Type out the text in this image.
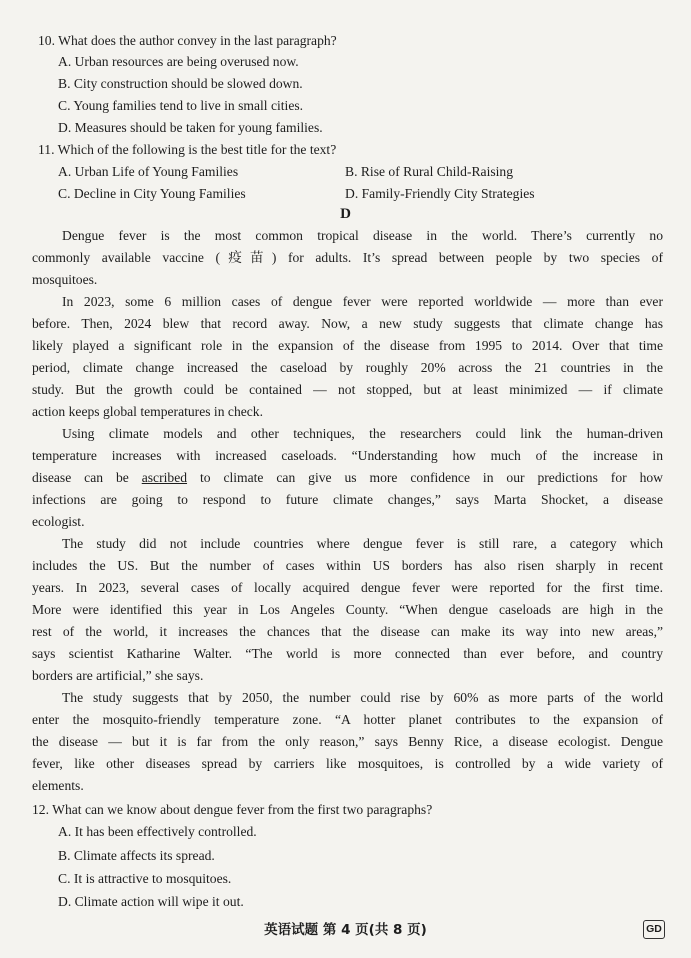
10. What does the author convey in the last paragraph?
A. Urban resources are being overused now.
B. City construction should be slowed down.
C. Young families tend to live in small cities.
D. Measures should be taken for young families.
11. Which of the following is the best title for the text?
A. Urban Life of Young Families	B. Rise of Rural Child-Raising
C. Decline in City Young Families	D. Family-Friendly City Strategies
D
Dengue fever is the most common tropical disease in the world. There’s currently no
commonly available vaccine (疫苗) for adults. It’s spread between people by two species of
mosquitoes.
In 2023, some 6 million cases of dengue fever were reported worldwide — more than ever
before. Then, 2024 blew that record away. Now, a new study suggests that climate change has
likely played a significant role in the expansion of the disease from 1995 to 2014. Over that time
period, climate change increased the caseload by roughly 20% across the 21 countries in the
study. But the growth could be contained — not stopped, but at least minimized — if climate
action keeps global temperatures in check.
Using climate models and other techniques, the researchers could link the human-driven
temperature increases with increased caseloads. “Understanding how much of the increase in
disease can be ascribed to climate can give us more confidence in our predictions for how
infections are going to respond to future climate changes,” says Marta Shocket, a disease
ecologist.
The study did not include countries where dengue fever is still rare, a category which
includes the US. But the number of cases within US borders has also risen sharply in recent
years. In 2023, several cases of locally acquired dengue fever were reported for the first time.
More were identified this year in Los Angeles County. “When dengue caseloads are high in the
rest of the world, it increases the chances that the disease can make its way into new areas,”
says scientist Katharine Walter. “The world is more connected than ever before, and country
borders are artificial,” she says.
The study suggests that by 2050, the number could rise by 60% as more parts of the world
enter the mosquito-friendly temperature zone. “A hotter planet contributes to the expansion of
the disease — but it is far from the only reason,” says Benny Rice, a disease ecologist. Dengue
fever, like other diseases spread by carriers like mosquitoes, is controlled by a wide variety of
elements.
12. What can we know about dengue fever from the first two paragraphs?
A. It has been effectively controlled.
B. Climate affects its spread.
C. It is attractive to mosquitoes.
D. Climate action will wipe it out.
英语试题 第 4 页(共 8 页)	GD
